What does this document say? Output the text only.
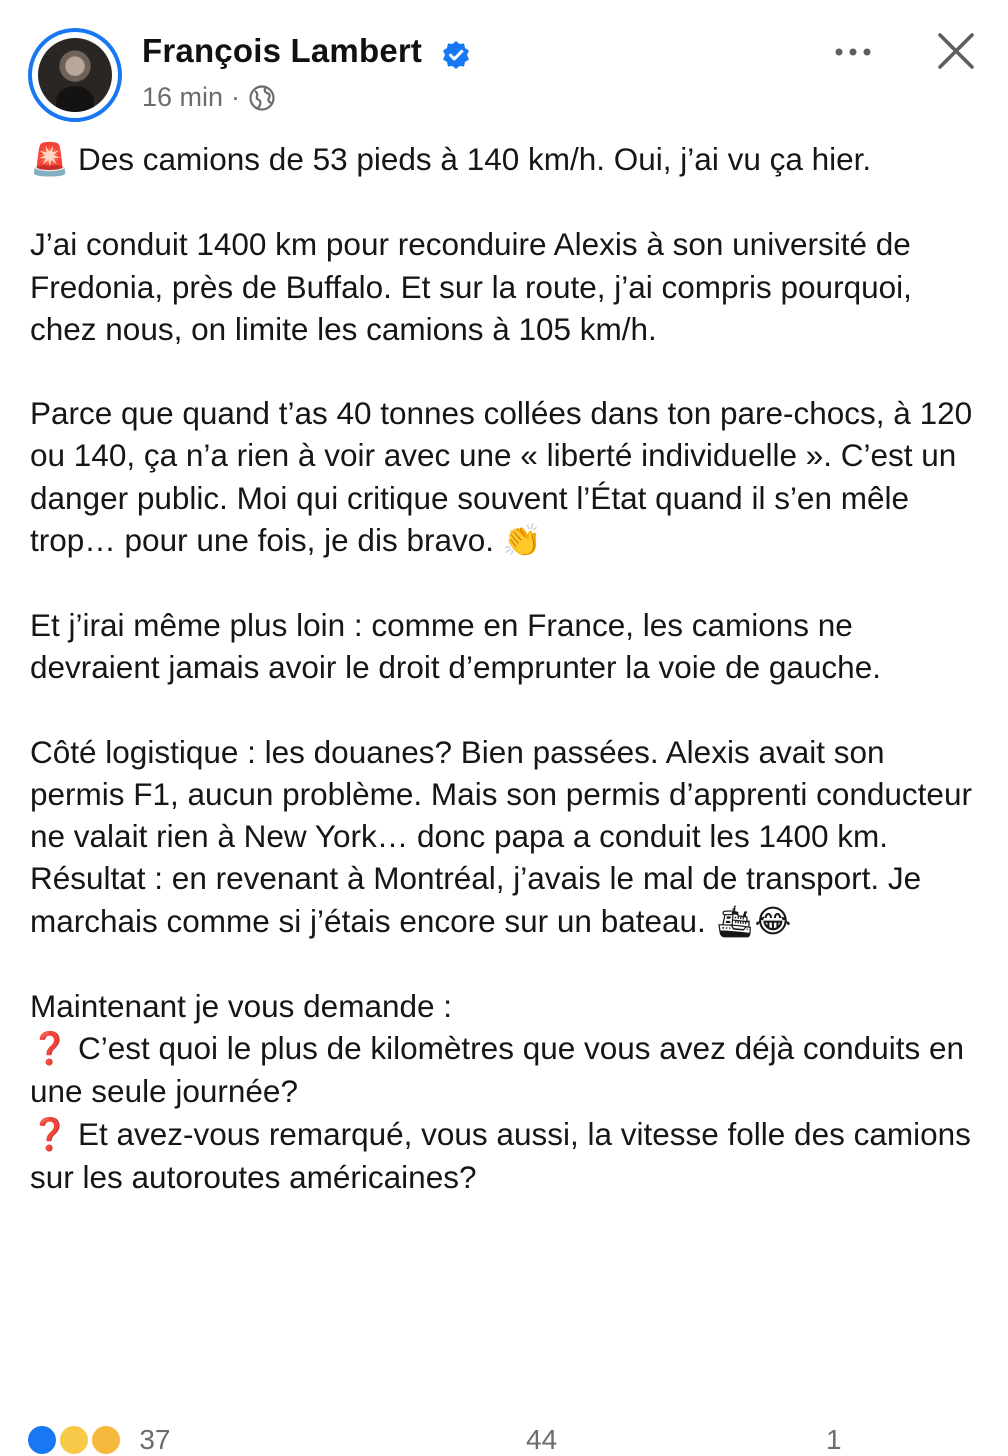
François Lambert
16 min ·

🚨 Des camions de 53 pieds à 140 km/h. Oui, j’ai vu ça hier.

J’ai conduit 1400 km pour reconduire Alexis à son université de Fredonia, près de Buffalo. Et sur la route, j’ai compris pourquoi, chez nous, on limite les camions à 105 km/h.

Parce que quand t’as 40 tonnes collées dans ton pare-chocs, à 120 ou 140, ça n’a rien à voir avec une « liberté individuelle ». C’est un danger public. Moi qui critique souvent l’État quand il s’en mêle trop… pour une fois, je dis bravo. 👏

Et j’irai même plus loin : comme en France, les camions ne devraient jamais avoir le droit d’emprunter la voie de gauche.

Côté logistique : les douanes? Bien passées. Alexis avait son permis F1, aucun problème. Mais son permis d’apprenti conducteur ne valait rien à New York… donc papa a conduit les 1400 km. Résultat : en revenant à Montréal, j’avais le mal de transport. Je marchais comme si j’étais encore sur un bateau. 🛳😂

Maintenant je vous demande :
❓ C’est quoi le plus de kilomètres que vous avez déjà conduits en une seule journée?
❓ Et avez-vous remarqué, vous aussi, la vitesse folle des camions sur les autoroutes américaines?

37	44	1
